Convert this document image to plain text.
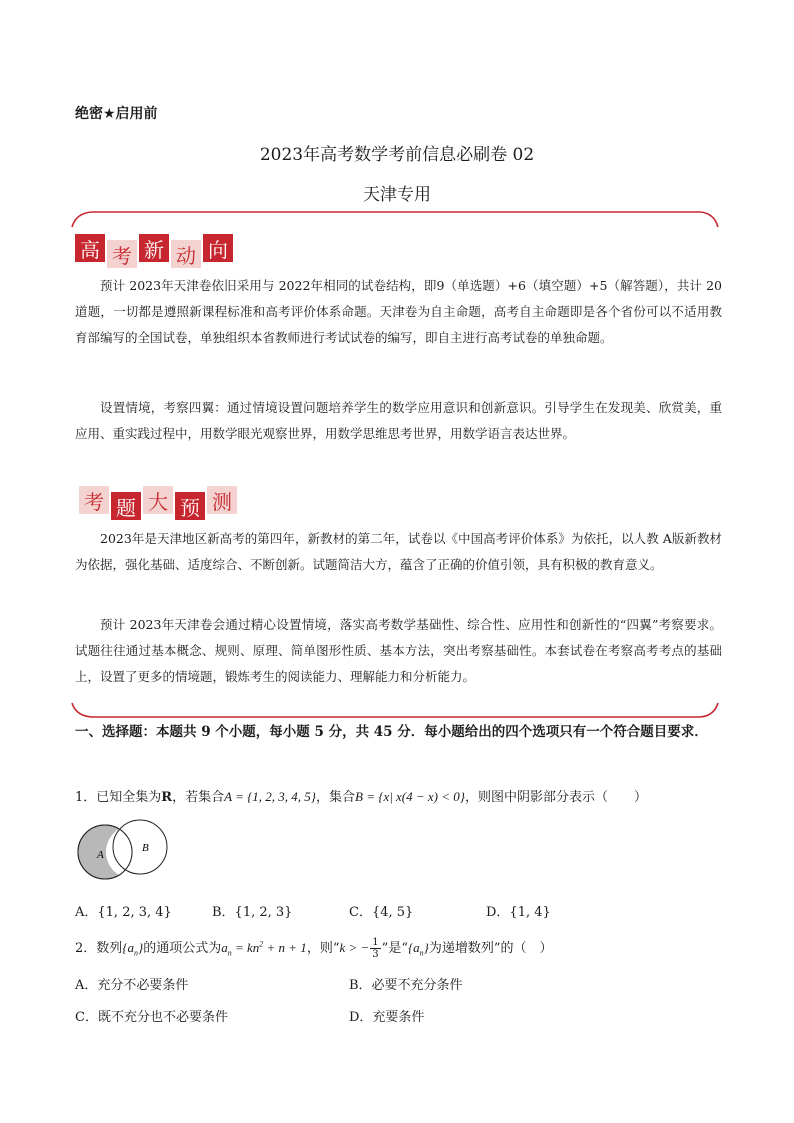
绝密★启用前
2023年高考数学考前信息必刷卷 02
天津专用
高 考 新 动 向
预计 2023年天津卷依旧采用与 2022年相同的试卷结构，即9（单选题）+6（填空题）+5（解答题），共计 20道题，一切都是遵照新课程标准和高考评价体系命题。天津卷为自主命题，高考自主命题即是各个省份可以不适用教育部编写的全国试卷，单独组织本省教师进行考试试卷的编写，即自主进行高考试卷的单独命题。
设置情境，考察四翼：通过情境设置问题培养学生的数学应用意识和创新意识。引导学生在发现美、欣赏美，重应用、重实践过程中，用数学眼光观察世界，用数学思维思考世界，用数学语言表达世界。
考 题 大 预 测
2023年是天津地区新高考的第四年，新教材的第二年，试卷以《中国高考评价体系》为依托，以人教 A版新教材为依据，强化基础、适度综合、不断创新。试题简洁大方，蕴含了正确的价值引领，具有积极的教育意义。
预计 2023年天津卷会通过精心设置情境，落实高考数学基础性、综合性、应用性和创新性的“四翼”考察要求。试题往往通过基本概念、规则、原理、简单图形性质、基本方法，突出考察基础性。本套试卷在考察高考考点的基础上，设置了更多的情境题，锻炼考生的阅读能力、理解能力和分析能力。
一、选择题：本题共 9 个小题，每小题 5 分，共 45 分．每小题给出的四个选项只有一个符合题目要求．
1．已知全集为R，若集合A = {1, 2, 3, 4, 5}，集合B = {x| x(4 − x) < 0}，则图中阴影部分表示（　　）
A
B
A．{1, 2, 3, 4}	B．{1, 2, 3}	C．{4, 5}	D．{1, 4}
2．数列$\{a_n\}$的通项公式为$a_n = kn^2 + n + 1$，则“k > − $\frac{1}{3}$ ”是“$\{a_n\}$为递增数列”的（　）
A．充分不必要条件	B．必要不充分条件
C．既不充分也不必要条件	D．充要条件
